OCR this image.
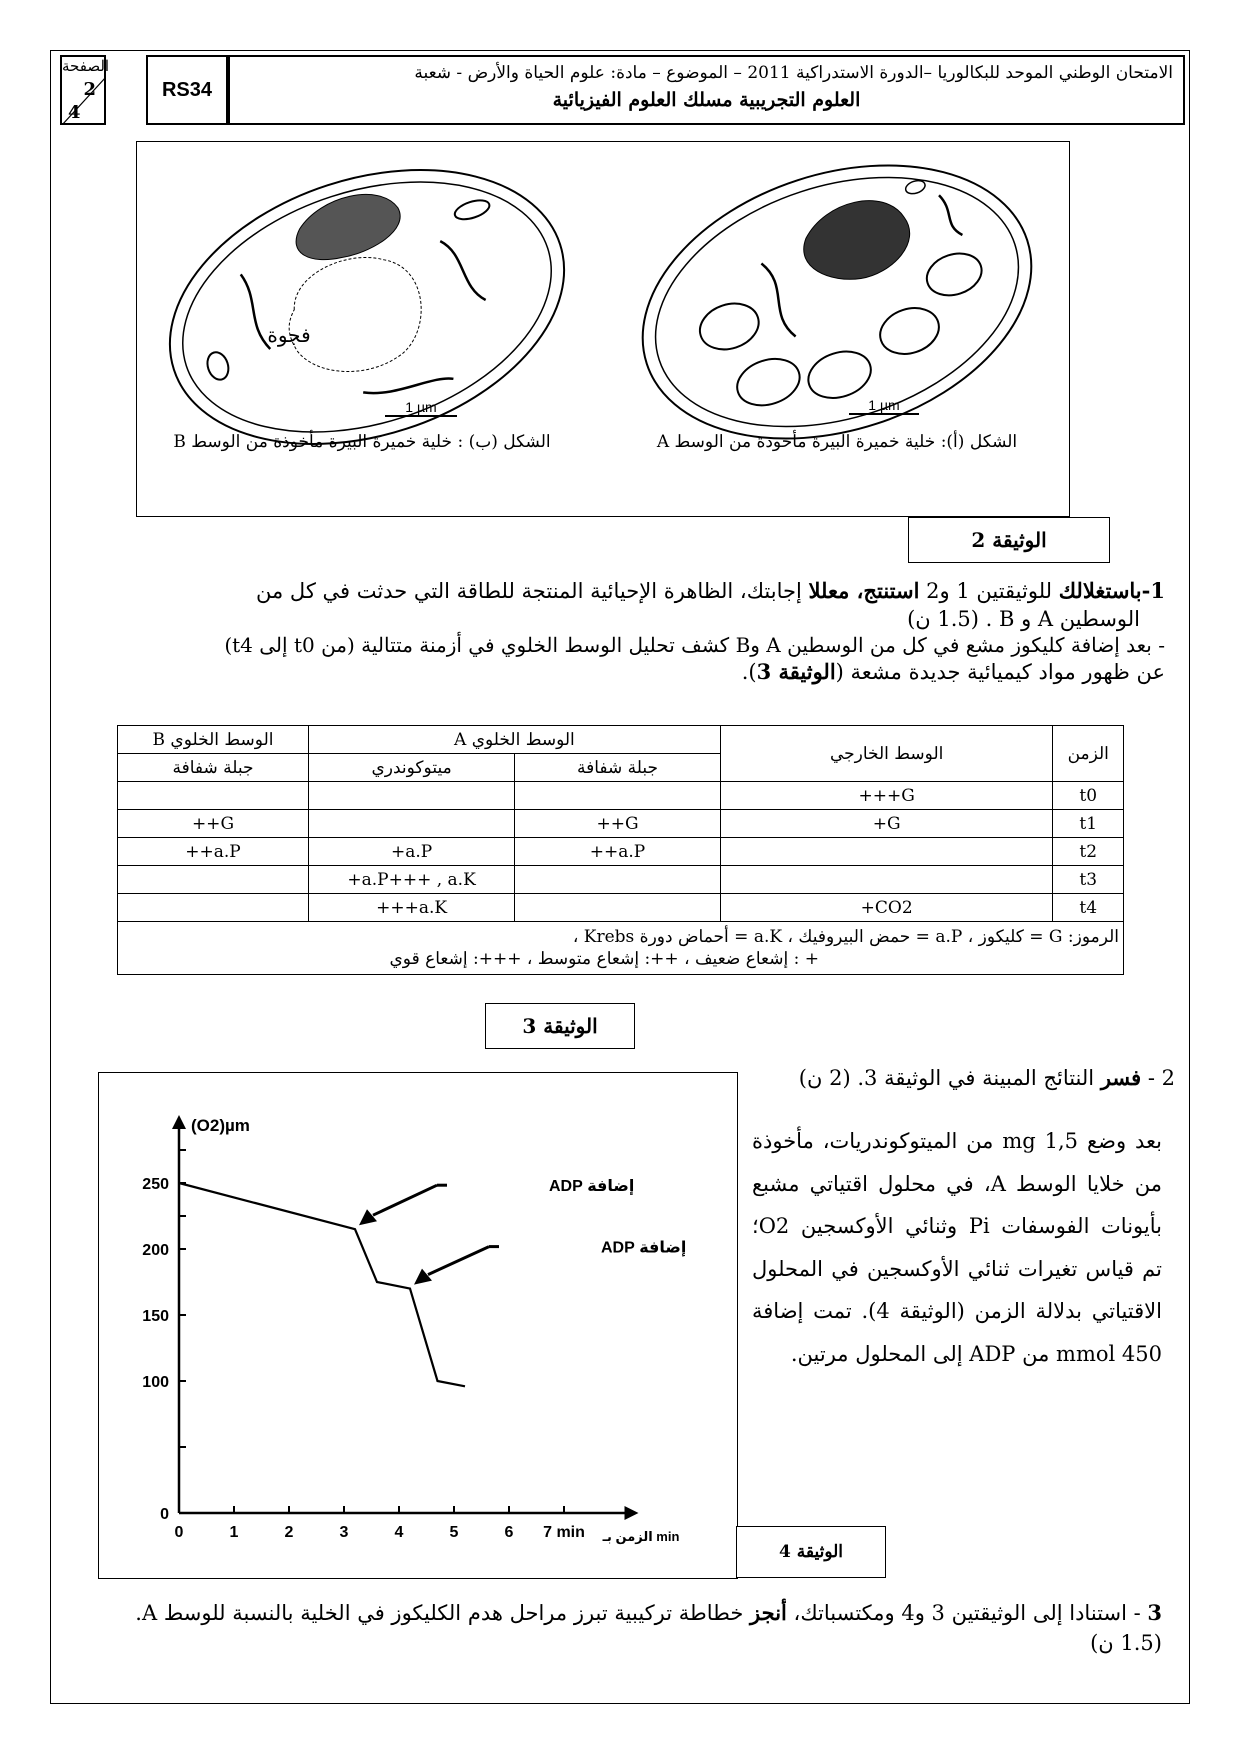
الصفحة
2
4
RS34
الامتحان الوطني الموحد للبكالوريا –الدورة الاستدراكية 2011 – الموضوع – مادة: علوم الحياة والأرض - شعبة
العلوم التجريبية مسلك العلوم الفيزيائية
فجوة
1 µm	1 µm
الشكل (ب) : خلية خميرة البيرة مأخوذة من الوسط B	الشكل (أ): خلية خميرة البيرة مأخوذة من الوسط A
الوثيقة 2
1-باستغلالك للوثيقتين 1 و2 استنتج، معللا إجابتك، الظاهرة الإحيائية المنتجة للطاقة التي حدثت في كل من
الوسطين A و B . (1.5 ن)
- بعد إضافة كليكوز مشع في كل من الوسطين A وB كشف تحليل الوسط الخلوي في أزمنة متتالية (من t0 إلى t4)
عن ظهور مواد كيميائية جديدة مشعة (الوثيقة 3).
الزمن	الوسط الخارجي	الوسط الخلوي A		الوسط الخلوي B
		جبلة شفافة	ميتوكوندري	جبلة شفافة
t0	G+++			
t1	G+	G++		G++
t2		a.P++	a.P+	a.P++
t3			a.P+++ , a.K+	
t4	CO2+		a.K+++	

الرموز: G = كليكوز ، a.P = حمض البيروفيك ، a.K = أحماض دورة Krebs ،
+ : إشعاع ضعيف ، ++: إشعاع متوسط ، +++: إشعاع قوي				
الوثيقة 3
2 - فسر النتائج المبينة في الوثيقة 3. (2 ن)
بعد وضع 1,5 mg من الميتوكوندريات، مأخوذة من خلايا الوسط A، في محلول اقتياتي مشبع بأيونات الفوسفات Pi وثنائي الأوكسجين O2؛ تم قياس تغيرات ثنائي الأوكسجين في المحلول الاقتياتي بدلالة الزمن (الوثيقة 4). تمت إضافة 450 mmol من ADP إلى المحلول مرتين.
0	1	2	3	4	5	6 7 min
0
100
150
200
250
(O2)µm
الزمن بـ min
إضافة ADP
إضافة ADP
الوثيقة 4
3 - استنادا إلى الوثيقتين 3 و4 ومكتسباتك، أنجز خطاطة تركيبية تبرز مراحل هدم الكليكوز في الخلية بالنسبة للوسط A.
(1.5 ن)
